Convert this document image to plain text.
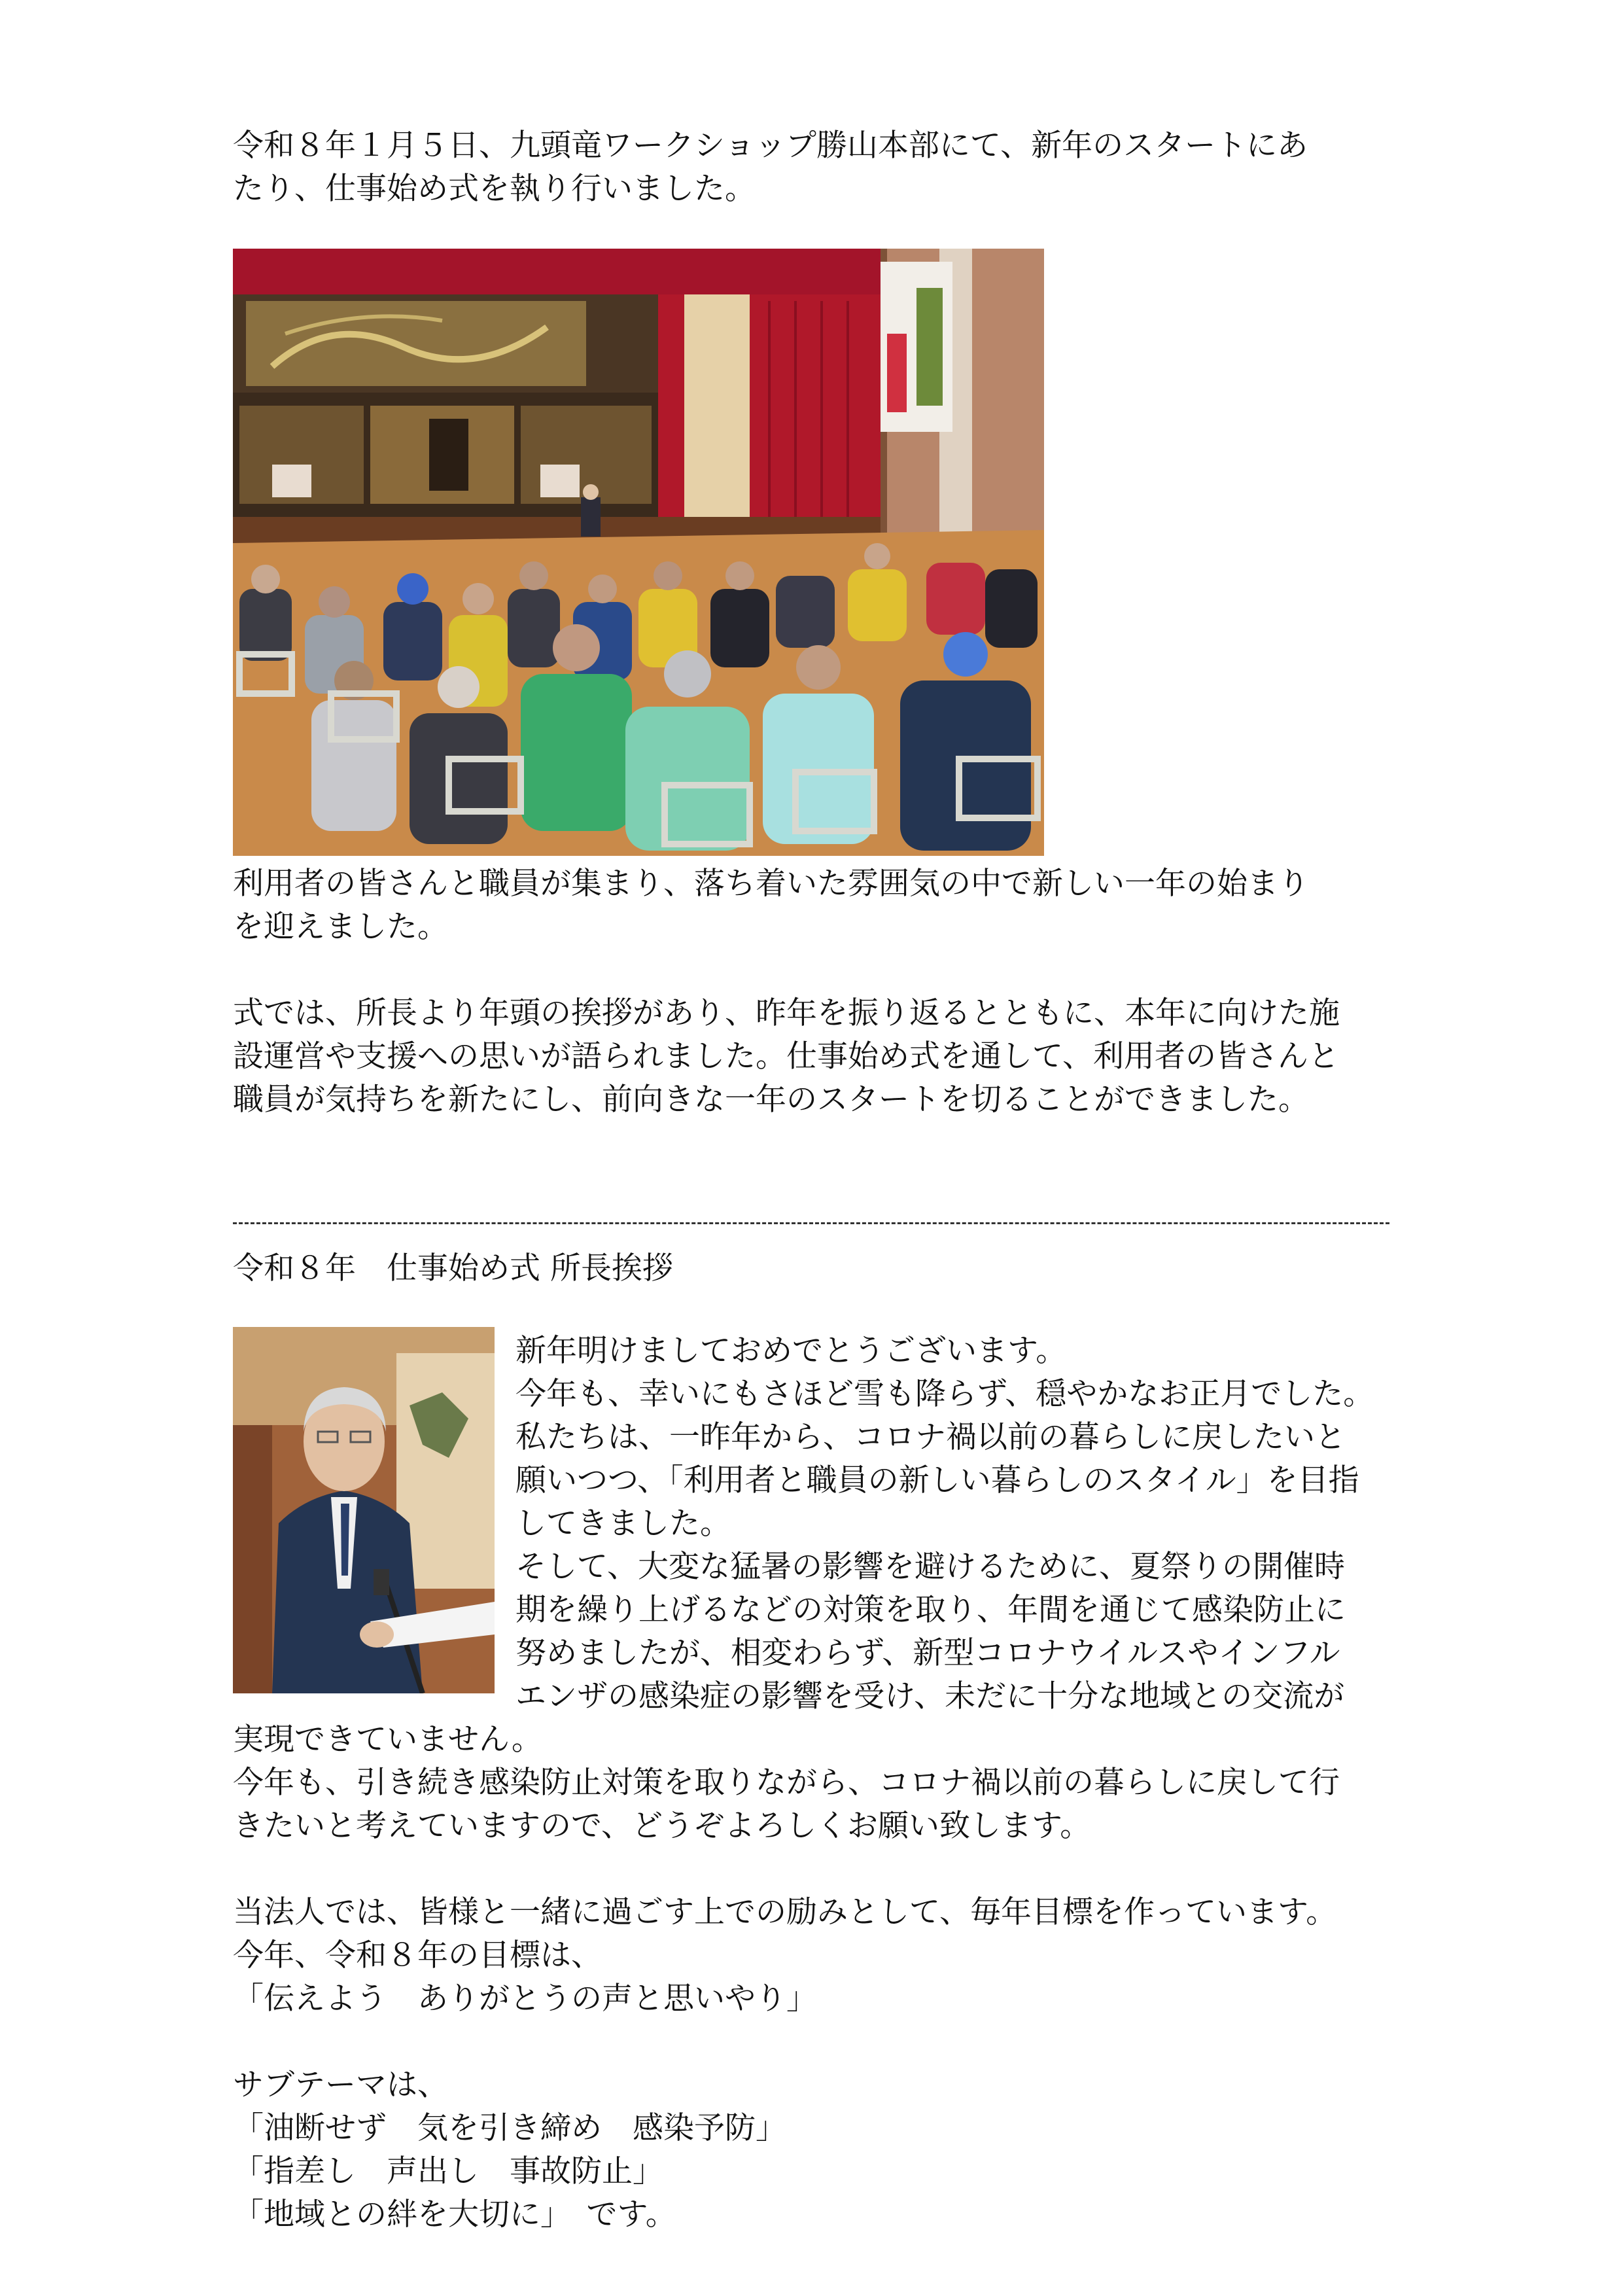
令和８年１月５日、九頭竜ワークショップ勝山本部にて、新年のスタートにあ

たり、仕事始め式を執り行いました。

利用者の皆さんと職員が集まり、落ち着いた雰囲気の中で新しい一年の始まり

を迎えました。

式では、所長より年頭の挨拶があり、昨年を振り返るとともに、本年に向けた施

設運営や支援への思いが語られました。仕事始め式を通して、利用者の皆さんと

職員が気持ちを新たにし、前向きな一年のスタートを切ることができました。

令和８年　仕事始め式 所長挨拶

新年明けましておめでとうございます。
今年も、幸いにもさほど雪も降らず、穏やかなお正月でした。
私たちは、一昨年から、コロナ禍以前の暮らしに戻したいと
願いつつ、「利用者と職員の新しい暮らしのスタイル」を目指
してきました。
そして、大変な猛暑の影響を避けるために、夏祭りの開催時
期を繰り上げるなどの対策を取り、年間を通じて感染防止に
努めましたが、相変わらず、新型コロナウイルスやインフル
エンザの感染症の影響を受け、未だに十分な地域との交流が

実現できていません。

今年も、引き続き感染防止対策を取りながら、コロナ禍以前の暮らしに戻して行

きたいと考えていますので、どうぞよろしくお願い致します。

当法人では、皆様と一緒に過ごす上での励みとして、毎年目標を作っています。

今年、令和８年の目標は、

「伝えよう　ありがとうの声と思いやり」

サブテーマは、

「油断せず　気を引き締め　感染予防」

「指差し　声出し　事故防止」

「地域との絆を大切に」　です。
